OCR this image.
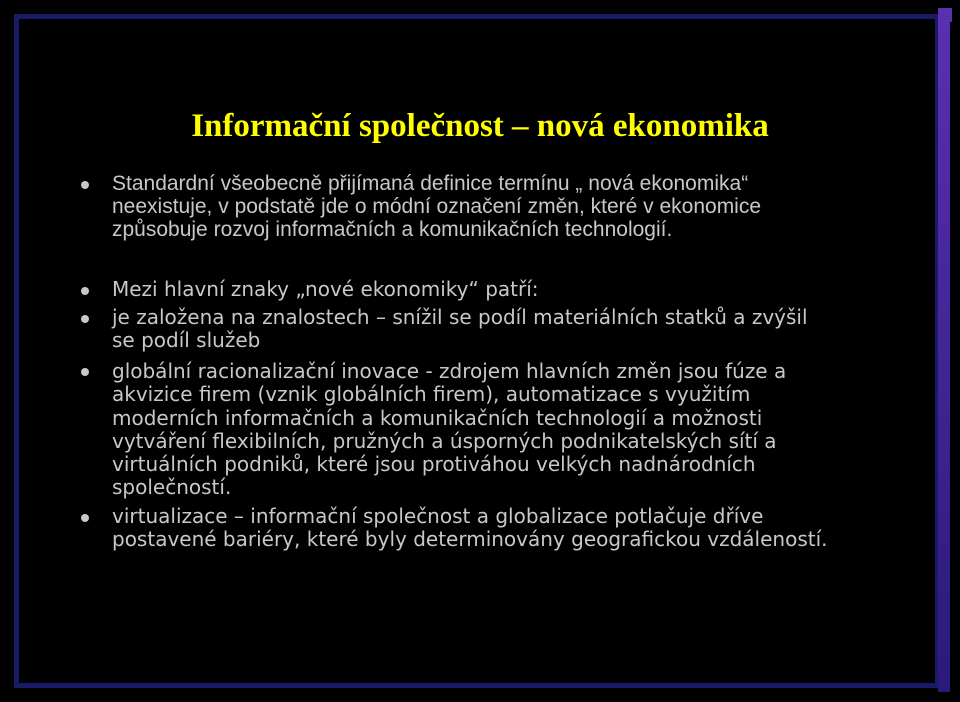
Informační společnost – nová ekonomika
Standardní všeobecně přijímaná definice termínu „ nová ekonomika“
neexistuje, v podstatě jde o módní označení změn, které v ekonomice
způsobuje rozvoj informačních a komunikačních technologií.
Mezi hlavní znaky „nové ekonomiky“ patří:
je založena na znalostech – snížil se podíl materiálních statků a zvýšil
se podíl služeb
globální racionalizační inovace - zdrojem hlavních změn jsou fúze a
akvizice firem (vznik globálních firem), automatizace s využitím
moderních informačních a komunikačních technologií a možnosti
vytváření flexibilních, pružných a úsporných podnikatelských sítí a
virtuálních podniků, které jsou protiváhou velkých nadnárodních
společností.
virtualizace – informační společnost a globalizace potlačuje dříve
postavené bariéry, které byly determinovány geografickou vzdáleností.
